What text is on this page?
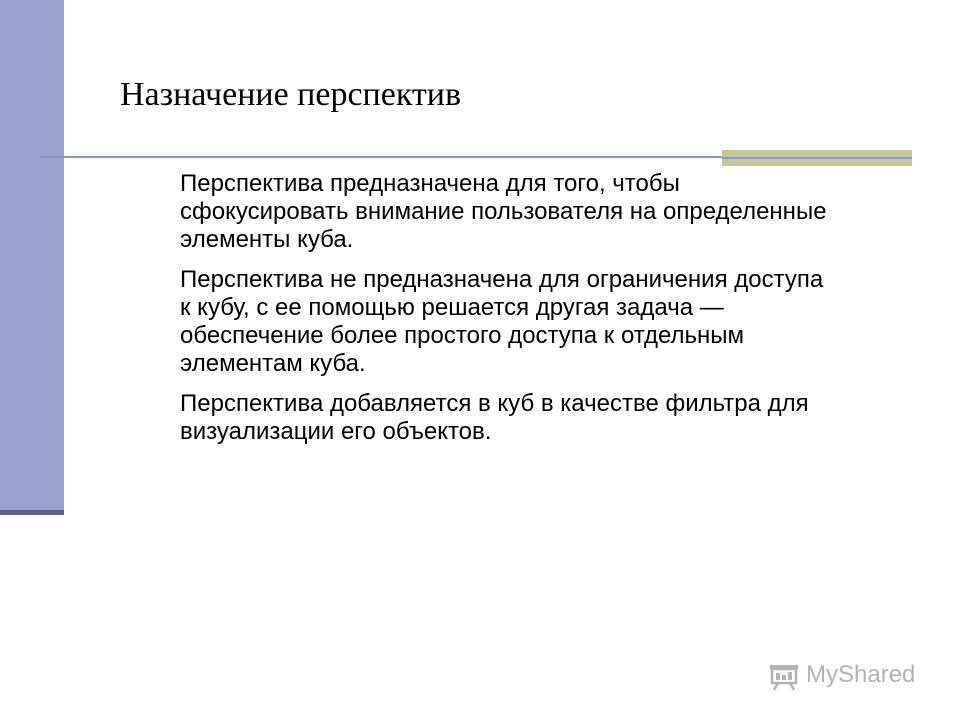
Назначение перспектив
Перспектива предназначена для того, чтобы сфокусировать внимание пользователя на определенные элементы куба.
Перспектива не предназначена для ограничения доступа к кубу, с ее помощью решается другая задача — обеспечение более простого доступа к отдельным элементам куба.
Перспектива добавляется в куб в качестве фильтра для визуализации его объектов.
MyShared
